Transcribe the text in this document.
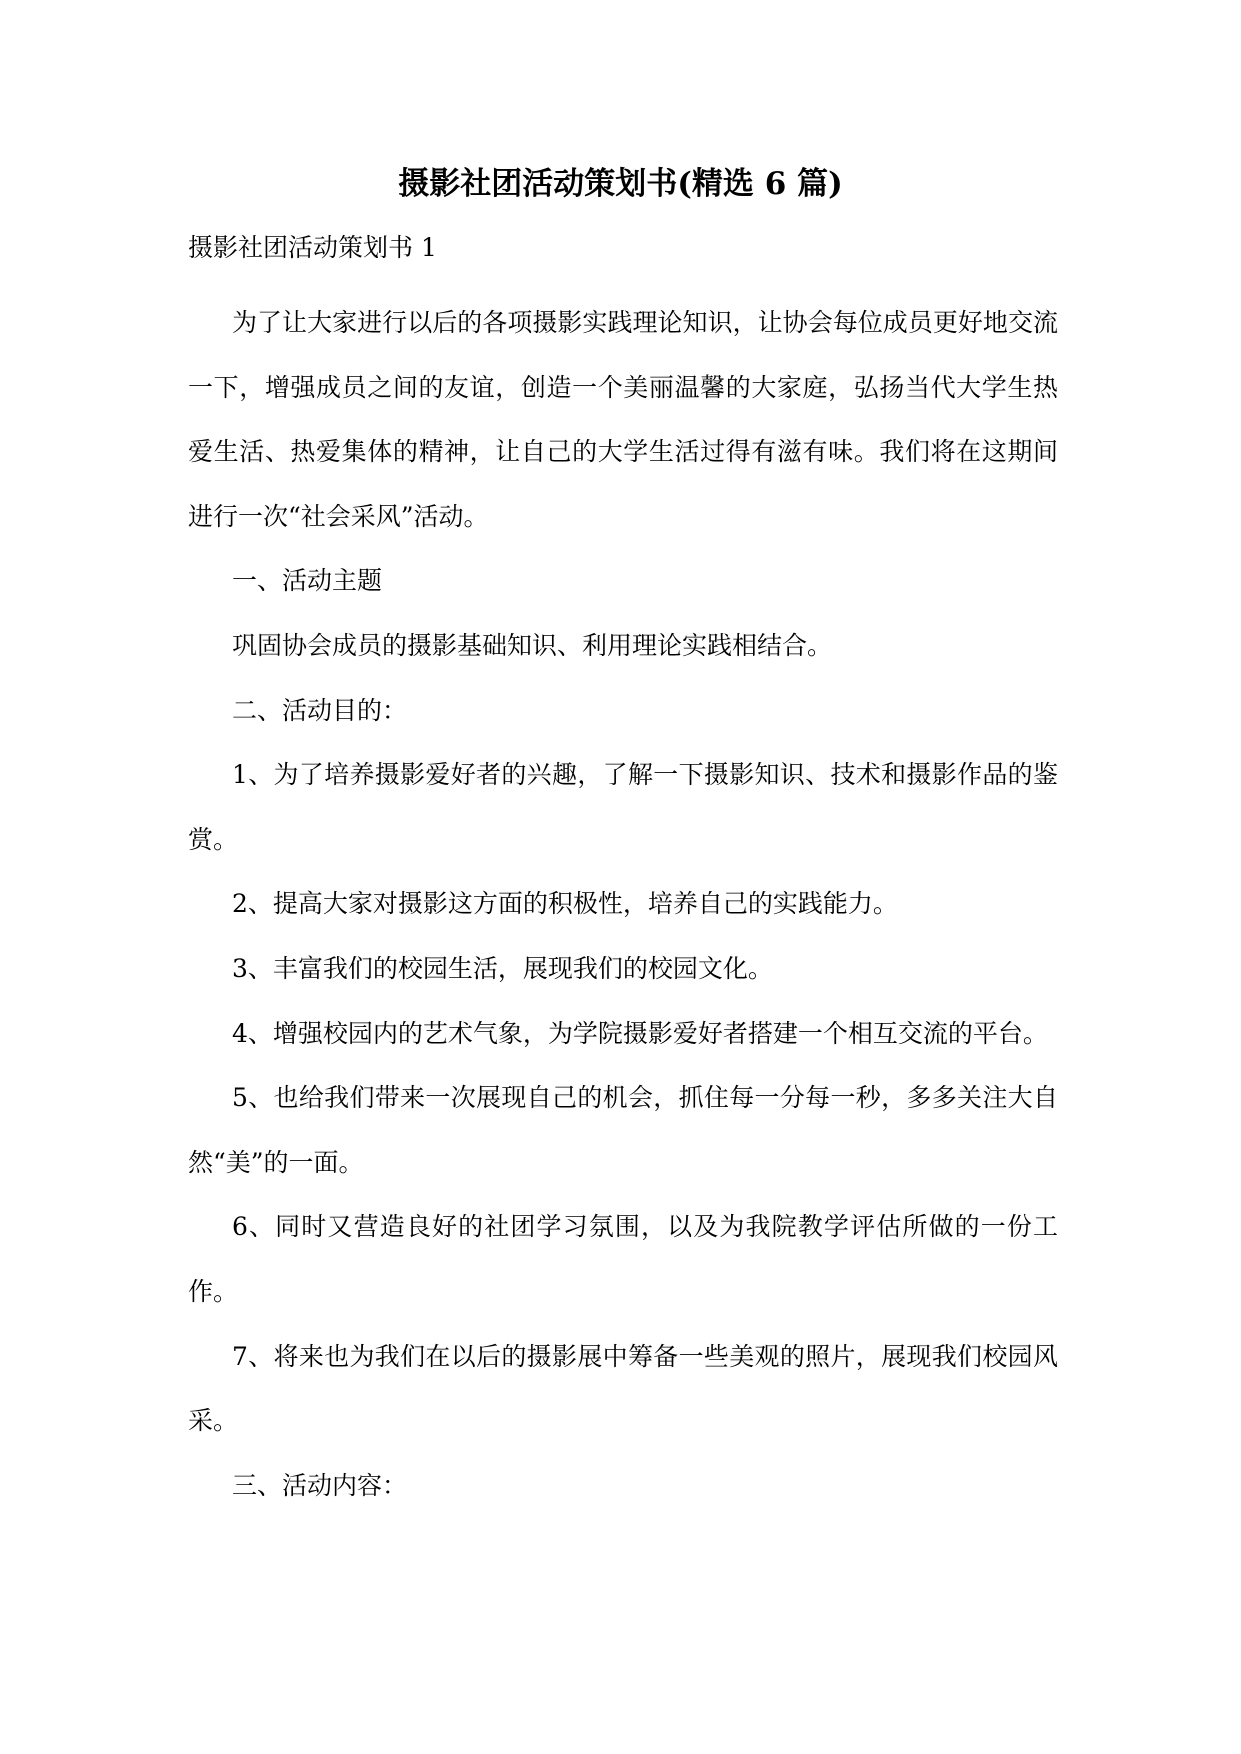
摄影社团活动策划书(精选 6 篇)

摄影社团活动策划书 1

为了让大家进行以后的各项摄影实践理论知识，让协会每位成员更好地交流一下，增强成员之间的友谊，创造一个美丽温馨的大家庭，弘扬当代大学生热爱生活、热爱集体的精神，让自己的大学生活过得有滋有味。我们将在这期间进行一次“社会采风”活动。

一、活动主题

巩固协会成员的摄影基础知识、利用理论实践相结合。

二、活动目的：

1、为了培养摄影爱好者的兴趣，了解一下摄影知识、技术和摄影作品的鉴赏。

2、提高大家对摄影这方面的积极性，培养自己的实践能力。

3、丰富我们的校园生活，展现我们的校园文化。

4、增强校园内的艺术气象，为学院摄影爱好者搭建一个相互交流的平台。

5、也给我们带来一次展现自己的机会，抓住每一分每一秒，多多关注大自然“美”的一面。

6、同时又营造良好的社团学习氛围，以及为我院教学评估所做的一份工作。

7、将来也为我们在以后的摄影展中筹备一些美观的照片，展现我们校园风采。

三、活动内容：
